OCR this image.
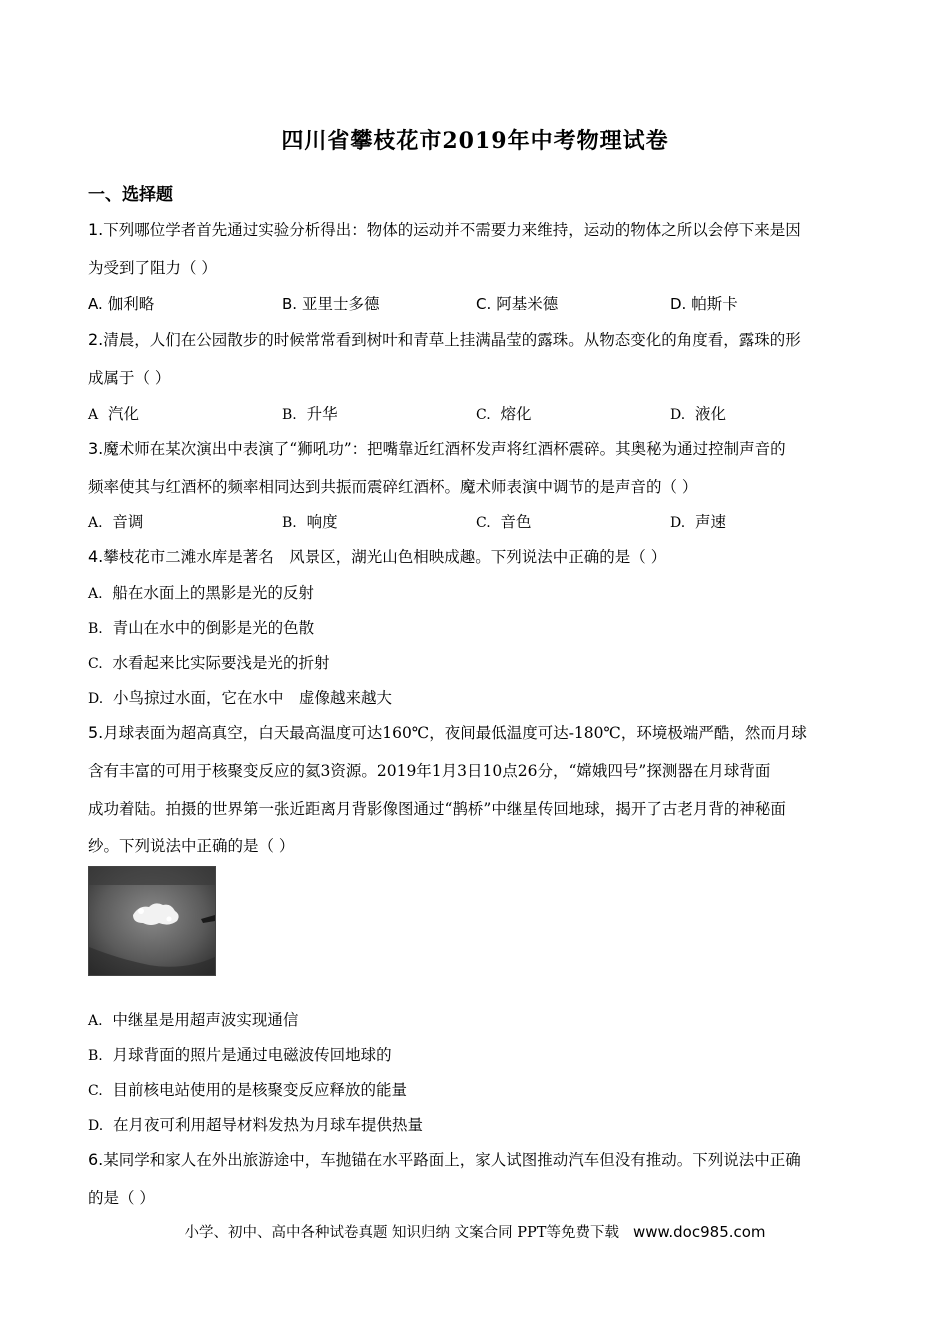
四川省攀枝花市2019年中考物理试卷
一、选择题
1.下列哪位学者首先通过实验分析得出：物体的运动并不需要力来维持，运动的物体之所以会停下来是因
为受到了阻力（ ）
A. 伽利略	B. 亚里士多德	C. 阿基米德	D. 帕斯卡
2.清晨，人们在公园散步的时候常常看到树叶和青草上挂满晶莹的露珠。从物态变化的角度看，露珠的形
成属于（ ）
A 汽化	B. 升华	C. 熔化	D. 液化
3.魔术师在某次演出中表演了“狮吼功”：把嘴靠近红酒杯发声将红酒杯震碎。其奥秘为通过控制声音的
频率使其与红酒杯的频率相同达到共振而震碎红酒杯。魔术师表演中调节的是声音的（ ）
A. 音调	B. 响度	C. 音色	D. 声速
4.攀枝花市二滩水库是著名　风景区，湖光山色相映成趣。下列说法中正确的是（ ）
A. 船在水面上的黑影是光的反射
B. 青山在水中的倒影是光的色散
C. 水看起来比实际要浅是光的折射
D. 小鸟掠过水面，它在水中　虚像越来越大
5.月球表面为超高真空，白天最高温度可达160℃，夜间最低温度可达-180℃，环境极端严酷，然而月球
含有丰富的可用于核聚变反应的氦3资源。2019年1月3日10点26分，“嫦娥四号”探测器在月球背面
成功着陆。拍摄的世界第一张近距离月背影像图通过“鹊桥”中继星传回地球，揭开了古老月背的神秘面
纱。下列说法中正确的是（ ）
A. 中继星是用超声波实现通信
B. 月球背面的照片是通过电磁波传回地球的
C. 目前核电站使用的是核聚变反应释放的能量
D. 在月夜可利用超导材料发热为月球车提供热量
6.某同学和家人在外出旅游途中，车抛锚在水平路面上，家人试图推动汽车但没有推动。下列说法中正确
的是（ ）
小学、初中、高中各种试卷真题 知识归纳 文案合同 PPT等免费下载 www.doc985.com
